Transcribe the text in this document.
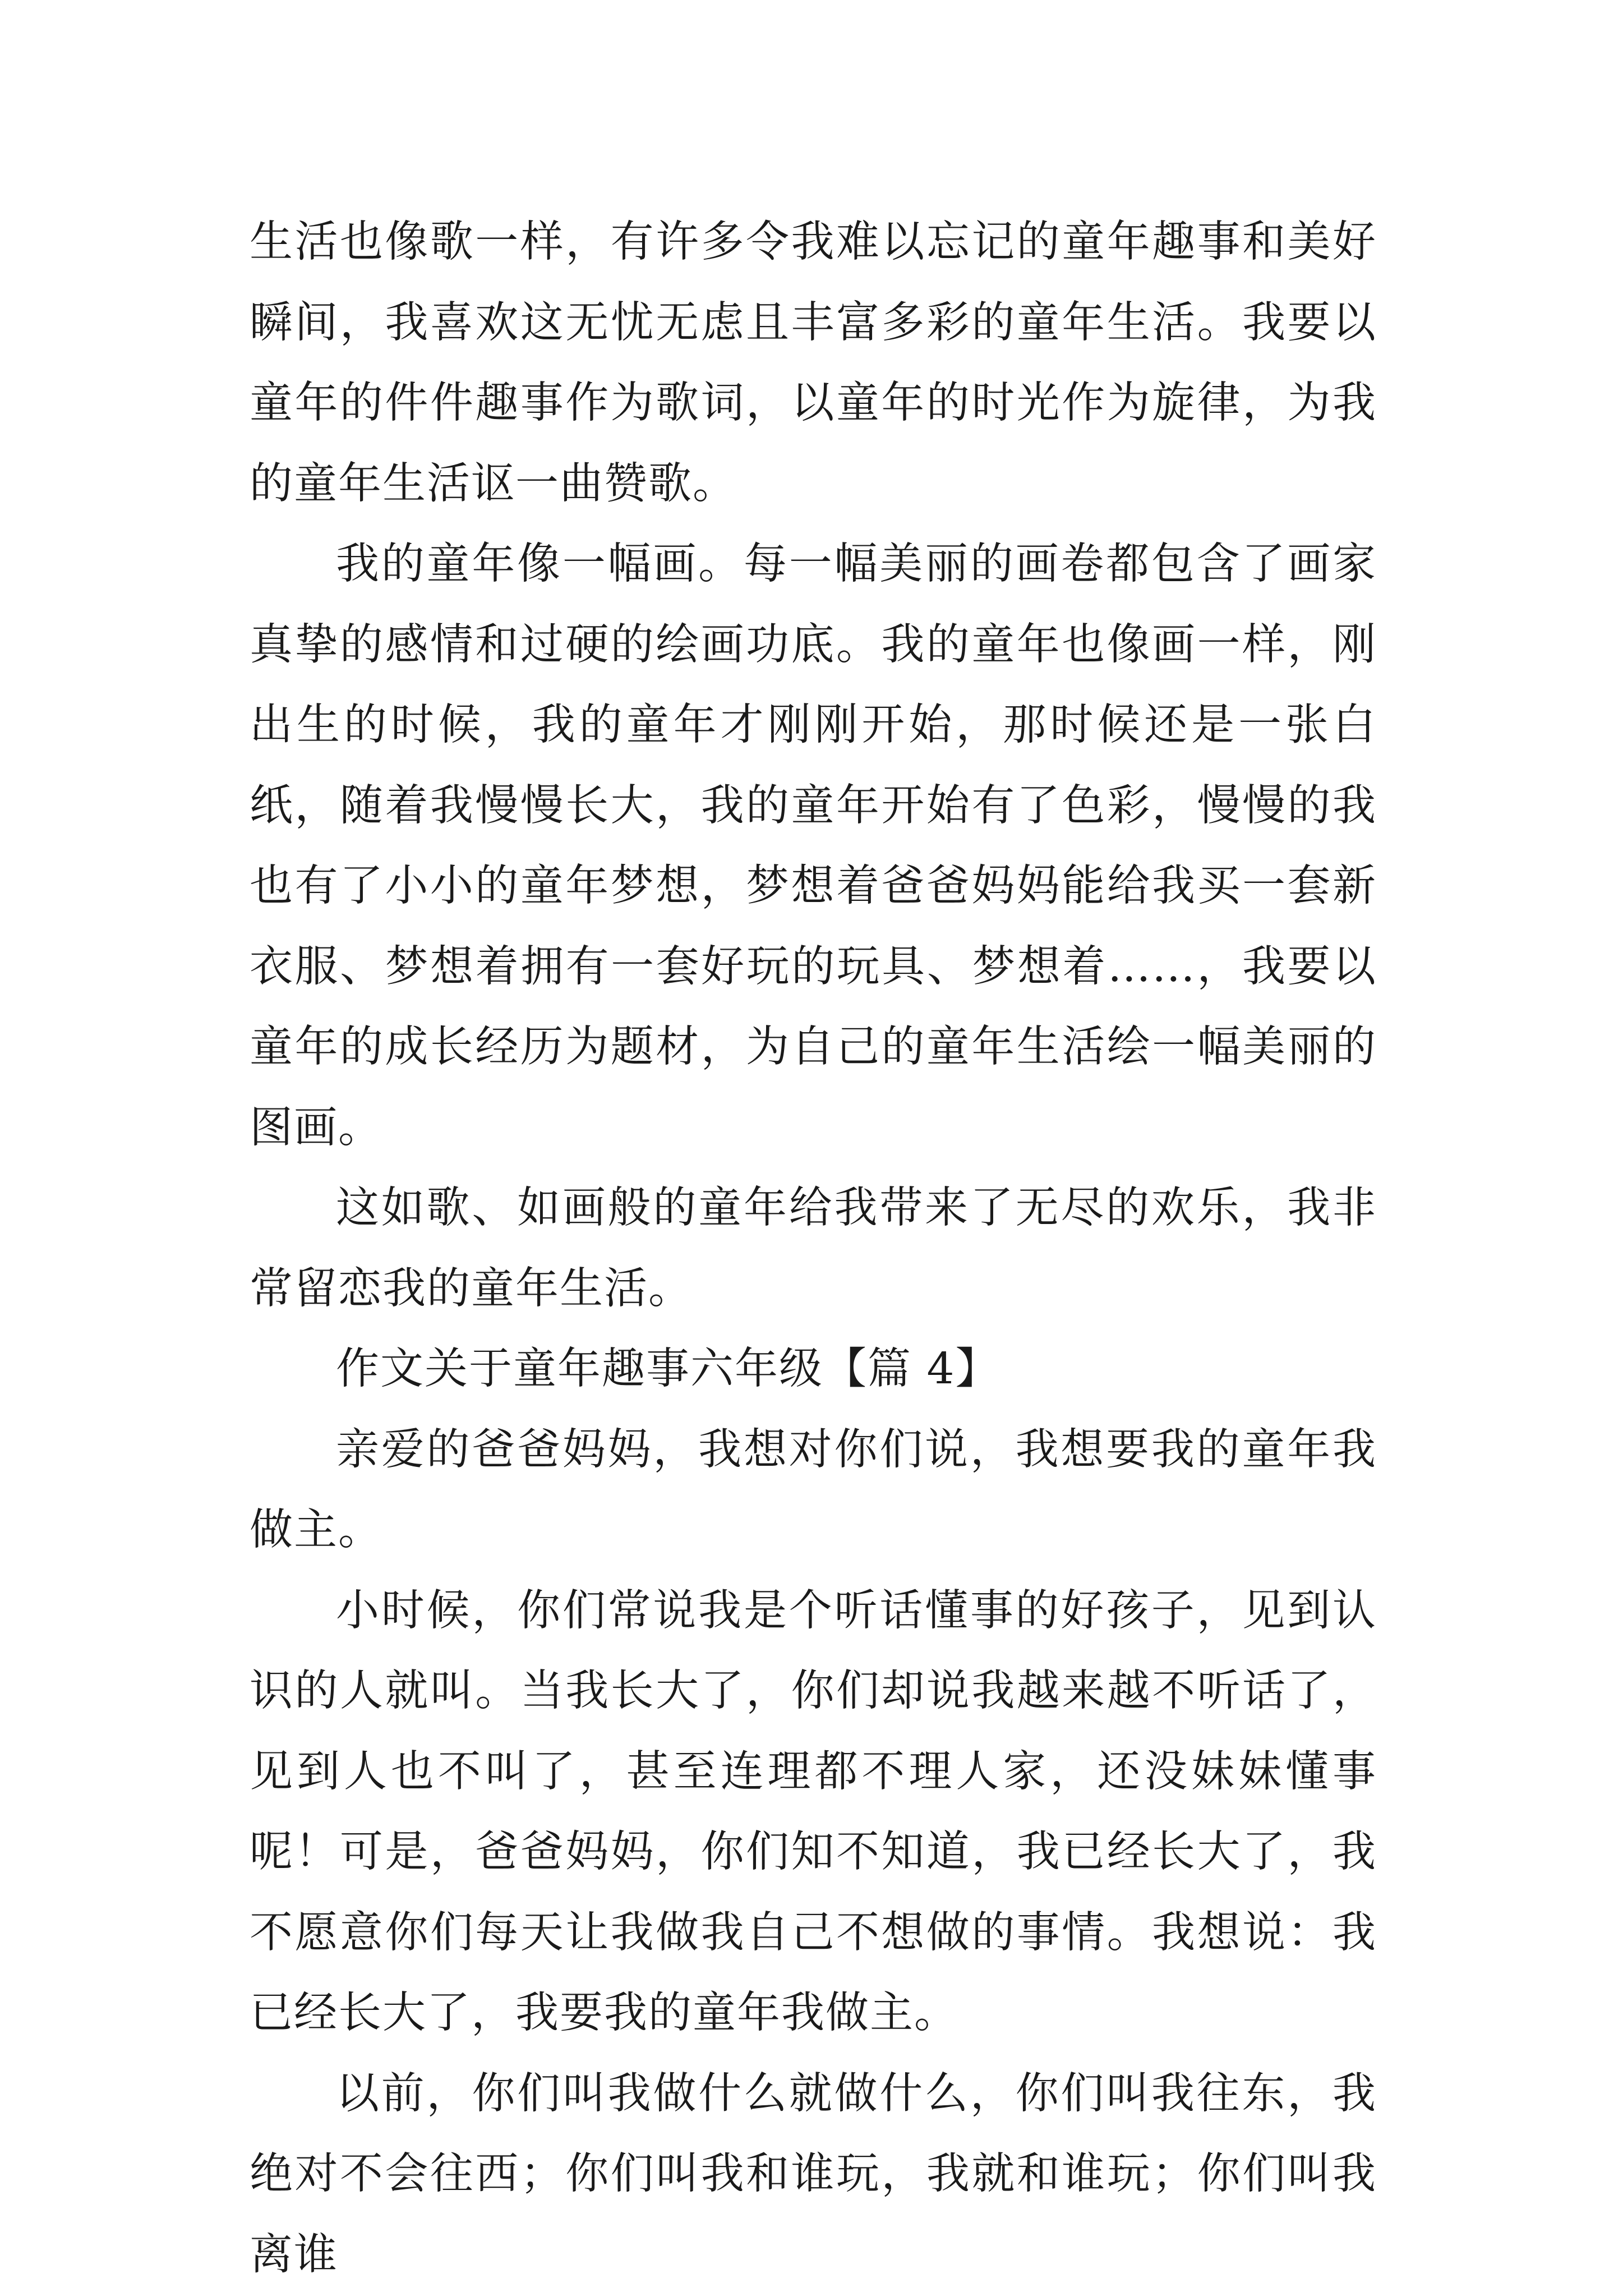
生活也像歌一样，有许多令我难以忘记的童年趣事和美好瞬间，我喜欢这无忧无虑且丰富多彩的童年生活。我要以童年的件件趣事作为歌词，以童年的时光作为旋律，为我的童年生活讴一曲赞歌。

我的童年像一幅画。每一幅美丽的画卷都包含了画家真挚的感情和过硬的绘画功底。我的童年也像画一样，刚出生的时候，我的童年才刚刚开始，那时候还是一张白纸，随着我慢慢长大，我的童年开始有了色彩，慢慢的我也有了小小的童年梦想，梦想着爸爸妈妈能给我买一套新衣服、梦想着拥有一套好玩的玩具、梦想着……，我要以童年的成长经历为题材，为自己的童年生活绘一幅美丽的图画。

这如歌、如画般的童年给我带来了无尽的欢乐，我非常留恋我的童年生活。

作文关于童年趣事六年级【篇 4】

亲爱的爸爸妈妈，我想对你们说，我想要我的童年我做主。

小时候，你们常说我是个听话懂事的好孩子，见到认识的人就叫。当我长大了，你们却说我越来越不听话了，见到人也不叫了，甚至连理都不理人家，还没妹妹懂事呢！可是，爸爸妈妈，你们知不知道，我已经长大了，我不愿意你们每天让我做我自己不想做的事情。我想说：我已经长大了，我要我的童年我做主。

以前，你们叫我做什么就做什么，你们叫我往东，我绝对不会往西；你们叫我和谁玩，我就和谁玩；你们叫我离谁
